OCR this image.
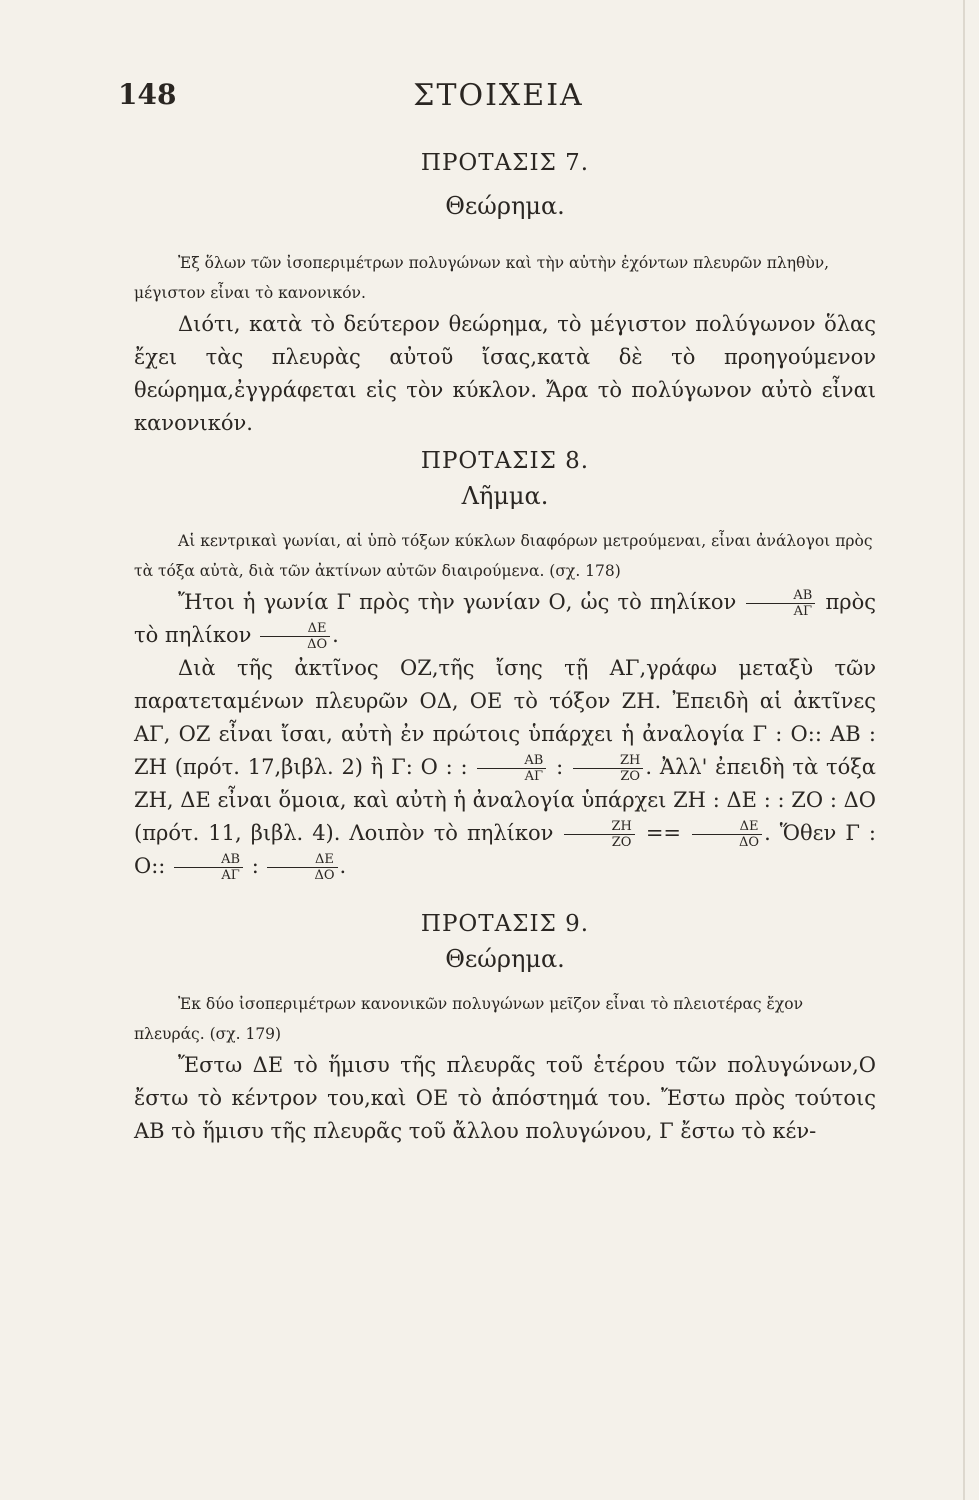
148	ΣΤΟΙΧΕΙΑ

ΠΡΟΤΑΣΙΣ 7.

Θεώρημα.

Ἐξ ὅλων τῶν ἰσοπεριμέτρων πολυγώνων καὶ τὴν αὐτὴν ἐχόντων πλευρῶν πληθὺν, μέγιστον εἶναι τὸ κανονικόν.

Διότι, κατὰ τὸ δεύτερον θεώρημα, τὸ μέγιστον πολύγωνον ὅλας ἔχει τὰς πλευρὰς αὐτοῦ ἴσας,κατὰ δὲ τὸ προηγούμενον θεώρημα,ἐγγράφεται εἰς τὸν κύκλον. Ἄρα τὸ πολύγωνον αὐτὸ εἶναι κανονικόν.

ΠΡΟΤΑΣΙΣ 8.

Λῆμμα.

Αἱ κεντρικαὶ γωνίαι, αἱ ὑπὸ τόξων κύκλων διαφόρων μετρούμεναι, εἶναι ἀνάλογοι πρὸς τὰ τόξα αὐτὰ, διὰ τῶν ἀκτίνων αὐτῶν διαιρούμενα. (σχ. 178)

Ἤτοι ἡ γωνία Γ πρὸς τὴν γωνίαν Ο, ὡς τὸ πηλίκον $\frac{AB}{A\Gamma}$ πρὸς τὸ πηλίκον $\frac{\Delta E}{\Delta O}$ .

Διὰ τῆς ἀκτῖνος ΟΖ,τῆς ἴσης τῇ ΑΓ,γράφω μεταξὺ τῶν παρατεταμένων πλευρῶν ΟΔ, ΟΕ τὸ τόξον ΖΗ. Ἐπειδὴ αἱ ἀκτῖνες ΑΓ, ΟΖ εἶναι ἴσαι, αὐτὴ ἐν πρώτοις ὑπάρχει ἡ ἀναλογία Γ : Ο:: ΑΒ : ΖΗ (πρότ. 17,βιβλ. 2) ἢ Γ: Ο : : $\frac{AB}{A\Gamma}$ : $\frac{ZH}{ZO}$ . Ἀλλ' ἐπειδὴ τὰ τόξα ΖΗ, ΔΕ εἶναι ὅμοια, καὶ αὐτὴ ἡ ἀναλογία ὑπάρχει ΖΗ : ΔΕ : : ΖΟ : ΔΟ (πρότ. 11, βιβλ. 4). Λοιπὸν τὸ πηλίκον $\frac{ZH}{ZO} == \frac{\Delta E}{\Delta O}$ . Ὅθεν Γ : Ο:: $\frac{AB}{A\Gamma}$ : $\frac{\Delta E}{\Delta O}$ .

ΠΡΟΤΑΣΙΣ 9.

Θεώρημα.

Ἐκ δύο ἰσοπεριμέτρων κανονικῶν πολυγώνων μεῖζον εἶναι τὸ πλειοτέρας ἔχον πλευράς. (σχ. 179)

Ἔστω ΔΕ τὸ ἥμισυ τῆς πλευρᾶς τοῦ ἑτέρου τῶν πολυγώνων,Ο ἔστω τὸ κέντρον του,καὶ ΟΕ τὸ ἀπόστημά του. Ἔστω πρὸς τούτοις ΑΒ τὸ ἥμισυ τῆς πλευρᾶς τοῦ ἄλλου πολυγώνου, Γ ἔστω τὸ κέν-
